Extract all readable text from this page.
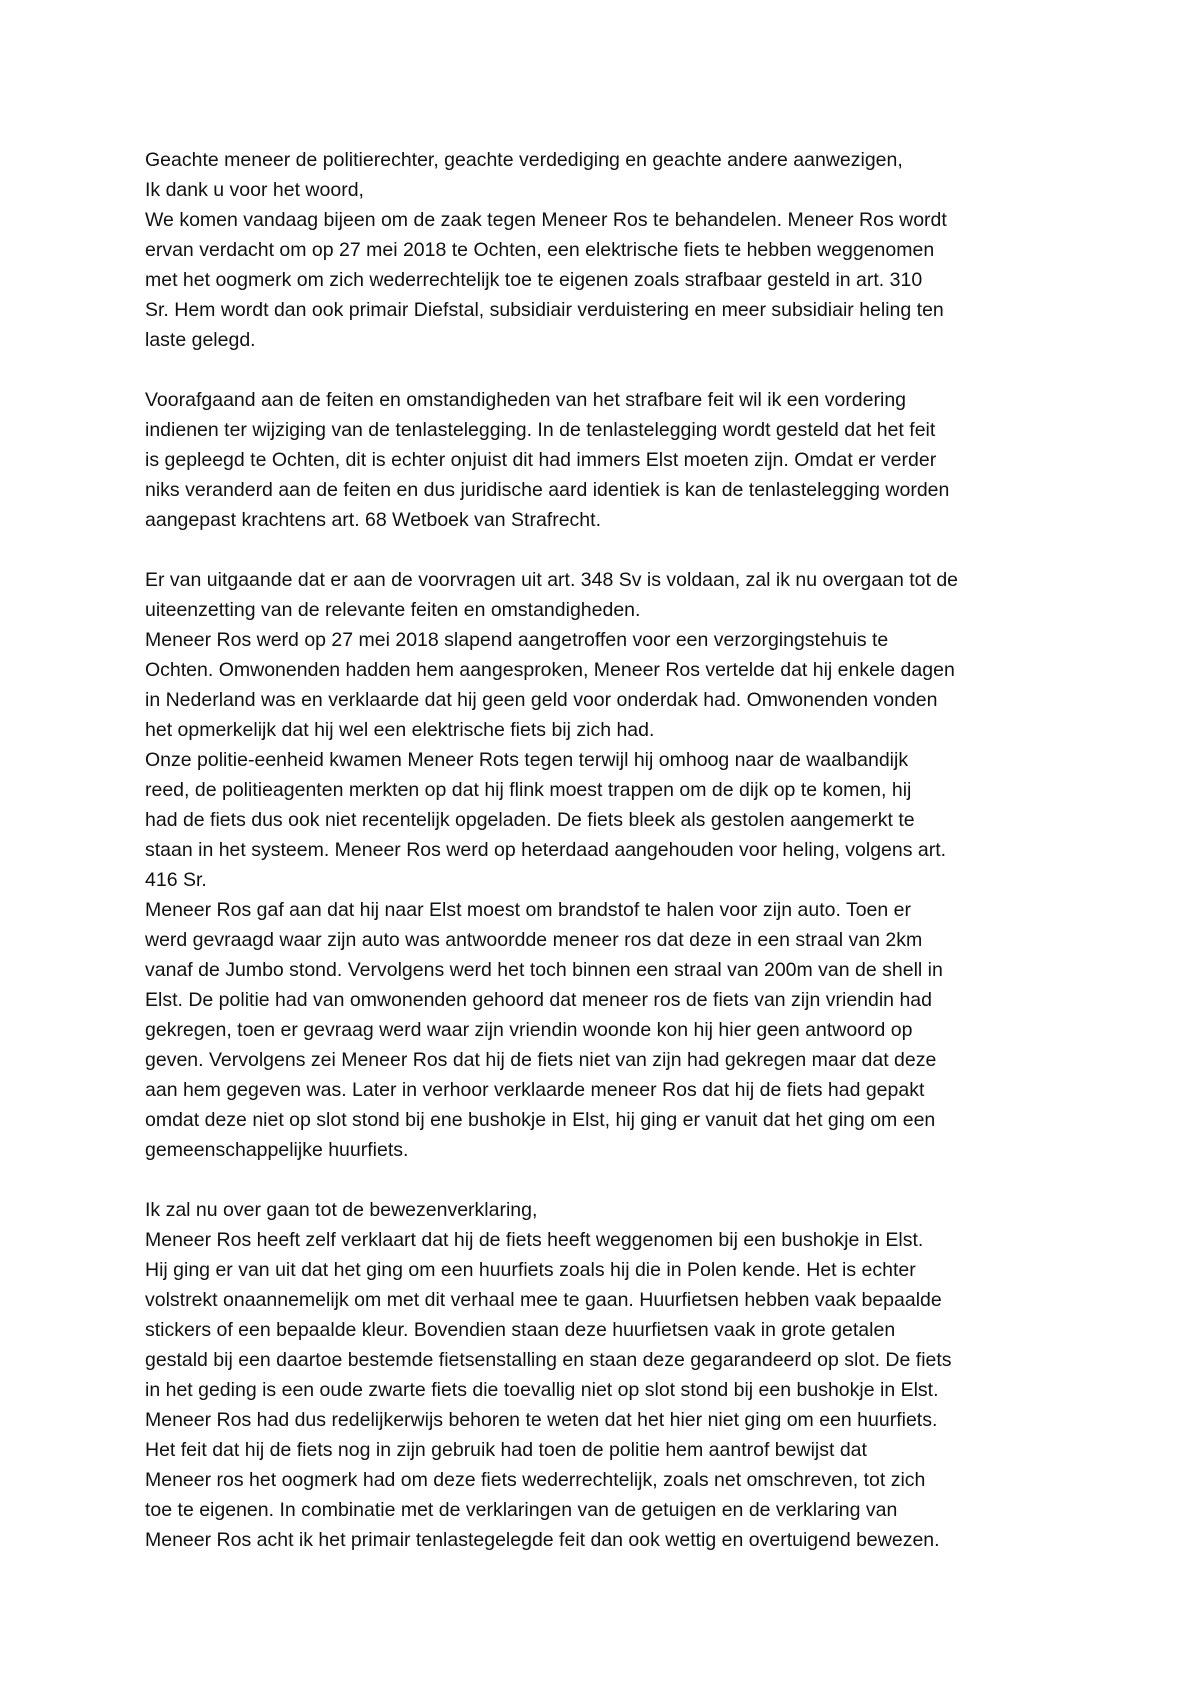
Geachte meneer de politierechter, geachte verdediging en geachte andere aanwezigen,
Ik dank u voor het woord,
We komen vandaag bijeen om de zaak tegen Meneer Ros te behandelen. Meneer Ros wordt
ervan verdacht om op 27 mei 2018 te Ochten, een elektrische fiets te hebben weggenomen
met het oogmerk om zich wederrechtelijk toe te eigenen zoals strafbaar gesteld in art. 310
Sr. Hem wordt dan ook primair Diefstal, subsidiair verduistering en meer subsidiair heling ten
laste gelegd.
Voorafgaand aan de feiten en omstandigheden van het strafbare feit wil ik een vordering
indienen ter wijziging van de tenlastelegging. In de tenlastelegging wordt gesteld dat het feit
is gepleegd te Ochten, dit is echter onjuist dit had immers Elst moeten zijn. Omdat er verder
niks veranderd aan de feiten en dus juridische aard identiek is kan de tenlastelegging worden
aangepast krachtens art. 68 Wetboek van Strafrecht.
Er van uitgaande dat er aan de voorvragen uit art. 348 Sv is voldaan, zal ik nu overgaan tot de
uiteenzetting van de relevante feiten en omstandigheden.
Meneer Ros werd op 27 mei 2018 slapend aangetroffen voor een verzorgingstehuis te
Ochten. Omwonenden hadden hem aangesproken, Meneer Ros vertelde dat hij enkele dagen
in Nederland was en verklaarde dat hij geen geld voor onderdak had. Omwonenden vonden
het opmerkelijk dat hij wel een elektrische fiets bij zich had.
Onze politie-eenheid kwamen Meneer Rots tegen terwijl hij omhoog naar de waalbandijk
reed, de politieagenten merkten op dat hij flink moest trappen om de dijk op te komen, hij
had de fiets dus ook niet recentelijk opgeladen. De fiets bleek als gestolen aangemerkt te
staan in het systeem. Meneer Ros werd op heterdaad aangehouden voor heling, volgens art.
416 Sr.
Meneer Ros gaf aan dat hij naar Elst moest om brandstof te halen voor zijn auto. Toen er
werd gevraagd waar zijn auto was antwoordde meneer ros dat deze in een straal van 2km
vanaf de Jumbo stond. Vervolgens werd het toch binnen een straal van 200m van de shell in
Elst. De politie had van omwonenden gehoord dat meneer ros de fiets van zijn vriendin had
gekregen, toen er gevraag werd waar zijn vriendin woonde kon hij hier geen antwoord op
geven. Vervolgens zei Meneer Ros dat hij de fiets niet van zijn had gekregen maar dat deze
aan hem gegeven was. Later in verhoor verklaarde meneer Ros dat hij de fiets had gepakt
omdat deze niet op slot stond bij ene bushokje in Elst, hij ging er vanuit dat het ging om een
gemeenschappelijke huurfiets.
Ik zal nu over gaan tot de bewezenverklaring,
Meneer Ros heeft zelf verklaart dat hij de fiets heeft weggenomen bij een bushokje in Elst.
Hij ging er van uit dat het ging om een huurfiets zoals hij die in Polen kende. Het is echter
volstrekt onaannemelijk om met dit verhaal mee te gaan. Huurfietsen hebben vaak bepaalde
stickers of een bepaalde kleur. Bovendien staan deze huurfietsen vaak in grote getalen
gestald bij een daartoe bestemde fietsenstalling en staan deze gegarandeerd op slot. De fiets
in het geding is een oude zwarte fiets die toevallig niet op slot stond bij een bushokje in Elst.
Meneer Ros had dus redelijkerwijs behoren te weten dat het hier niet ging om een huurfiets.
Het feit dat hij de fiets nog in zijn gebruik had toen de politie hem aantrof bewijst dat
Meneer ros het oogmerk had om deze fiets wederrechtelijk, zoals net omschreven, tot zich
toe te eigenen. In combinatie met de verklaringen van de getuigen en de verklaring van
Meneer Ros acht ik het primair tenlastegelegde feit dan ook wettig en overtuigend bewezen.
